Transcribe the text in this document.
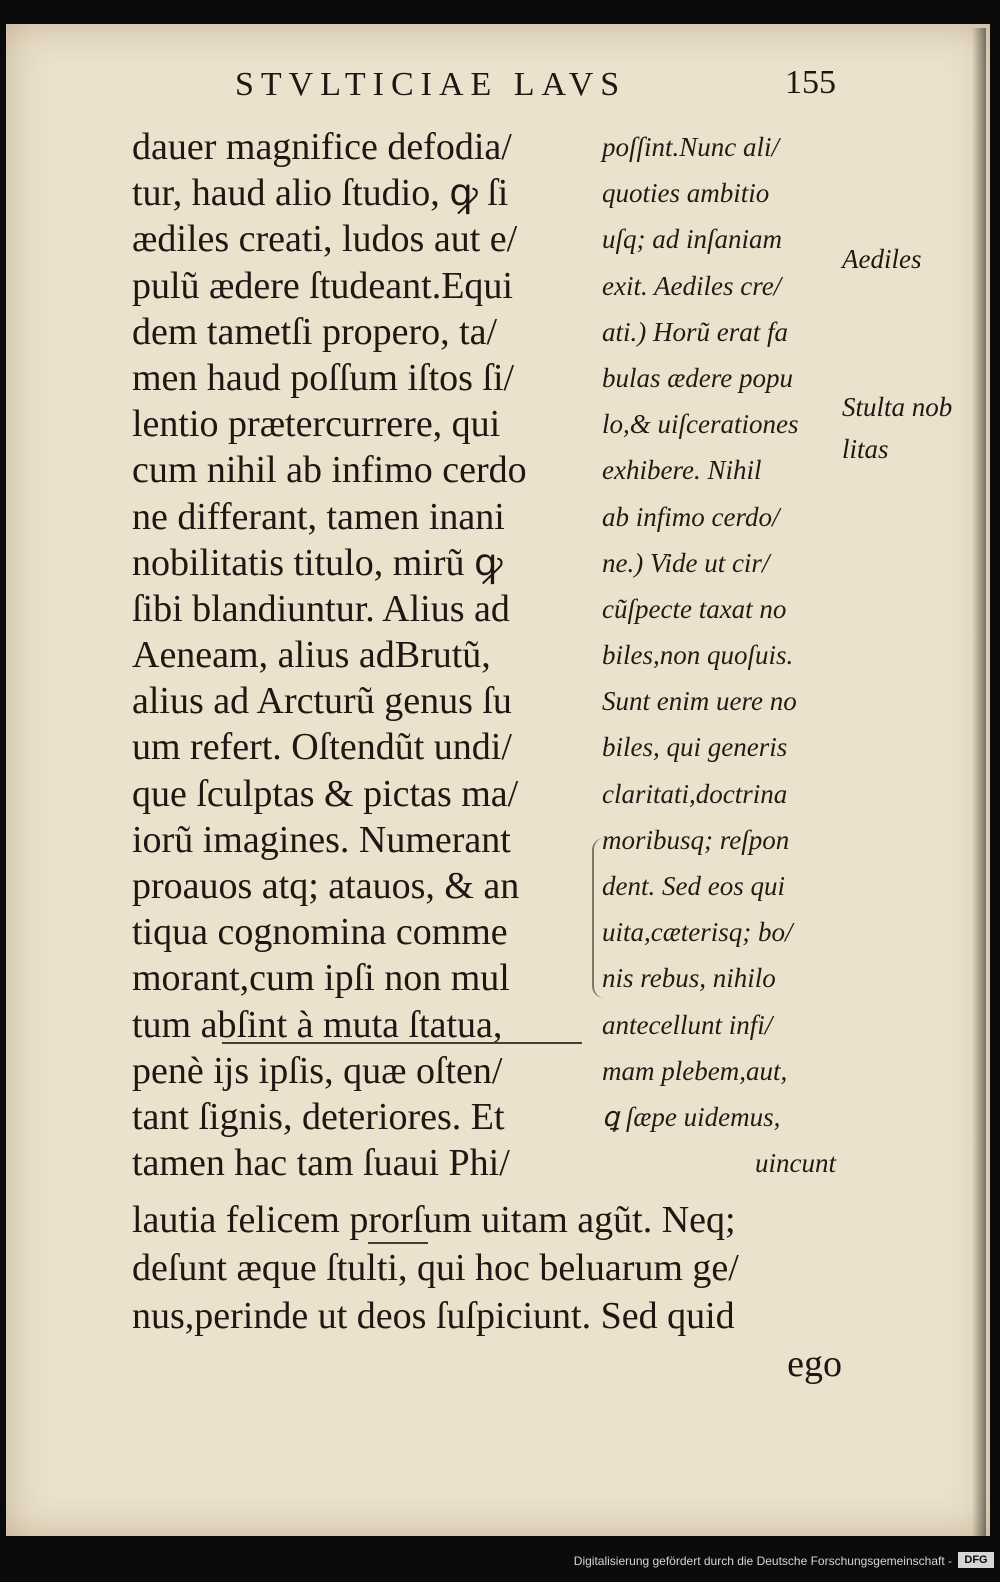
STVLTICIAE LAVS	155
dauer magnifice defodia/
tur, haud alio ſtudio, ꝙ ſi
ædiles creati, ludos aut e/
pulũ ædere ſtudeant.Equi
dem tametſi propero, ta/
men haud poſſum iſtos ſi/
lentio prætercurrere, qui
cum nihil ab infimo cerdo
ne differant, tamen inani
nobilitatis titulo, mirũ ꝙ
ſibi blandiuntur. Alius ad
Aeneam, alius adBrutũ,
alius ad Arcturũ genus ſu
um refert. Oſtendũt undi/
que ſculptas & pictas ma/
iorũ imagines. Numerant
proauos atq; atauos, & an
tiqua cognomina comme
morant,cum ipſi non mul
tum abſint à muta ſtatua,
penè ijs ipſis, quæ oſten/
tant ſignis, deteriores. Et
tamen hac tam ſuaui Phi/
poſſint.Nunc ali/
quoties ambitio
uſq; ad inſaniam
exit. Aediles cre/
ati.) Horũ erat fa
bulas ædere popu
lo,& uiſcerationes
exhibere. Nihil
ab infimo cerdo/
ne.) Vide ut cir/
cũſpecte taxat no
biles,non quoſuis.
Sunt enim uere no
biles, qui generis
claritati,doctrina
moribusq; reſpon
dent. Sed eos qui
uita,cæterisq; bo/
nis rebus, nihilo
antecellunt infi/
mam plebem,aut,
ꝗ ſæpe uidemus,
uincunt
Aediles
Stulta nob
litas
lautia felicem prorſum uitam agũt. Neq;
deſunt æque ſtulti, qui hoc beluarum ge/
nus,perinde ut deos ſuſpiciunt. Sed quid
ego
Digitalisierung gefördert durch die Deutsche Forschungsgemeinschaft -	DFG
